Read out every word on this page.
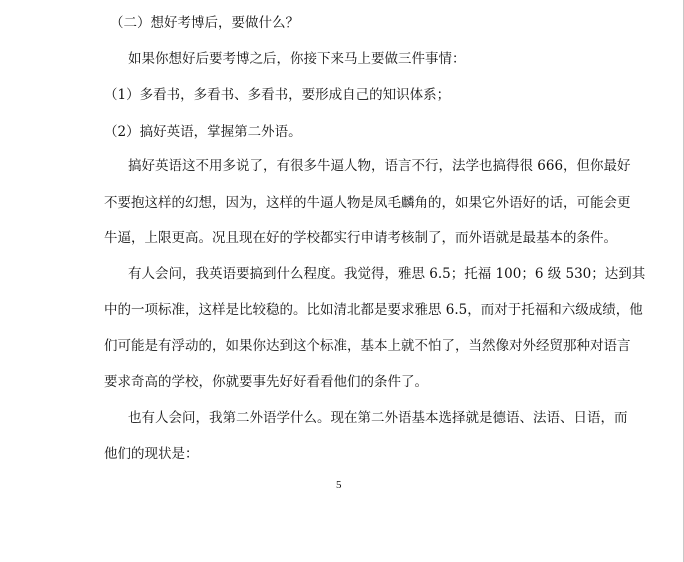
（二）想好考博后，要做什么？
如果你想好后要考博之后，你接下来马上要做三件事情：
（1）多看书，多看书、多看书，要形成自己的知识体系；
（2）搞好英语，掌握第二外语。
搞好英语这不用多说了，有很多牛逼人物，语言不行，法学也搞得很 666，但你最好
不要抱这样的幻想，因为，这样的牛逼人物是凤毛麟角的，如果它外语好的话，可能会更
牛逼，上限更高。况且现在好的学校都实行申请考核制了，而外语就是最基本的条件。
有人会问，我英语要搞到什么程度。我觉得，雅思 6.5；托福 100；6 级 530；达到其
中的一项标准，这样是比较稳的。比如清北都是要求雅思 6.5，而对于托福和六级成绩，他
们可能是有浮动的，如果你达到这个标准，基本上就不怕了，当然像对外经贸那种对语言
要求奇高的学校，你就要事先好好看看他们的条件了。
也有人会问，我第二外语学什么。现在第二外语基本选择就是德语、法语、日语，而
他们的现状是：
5
